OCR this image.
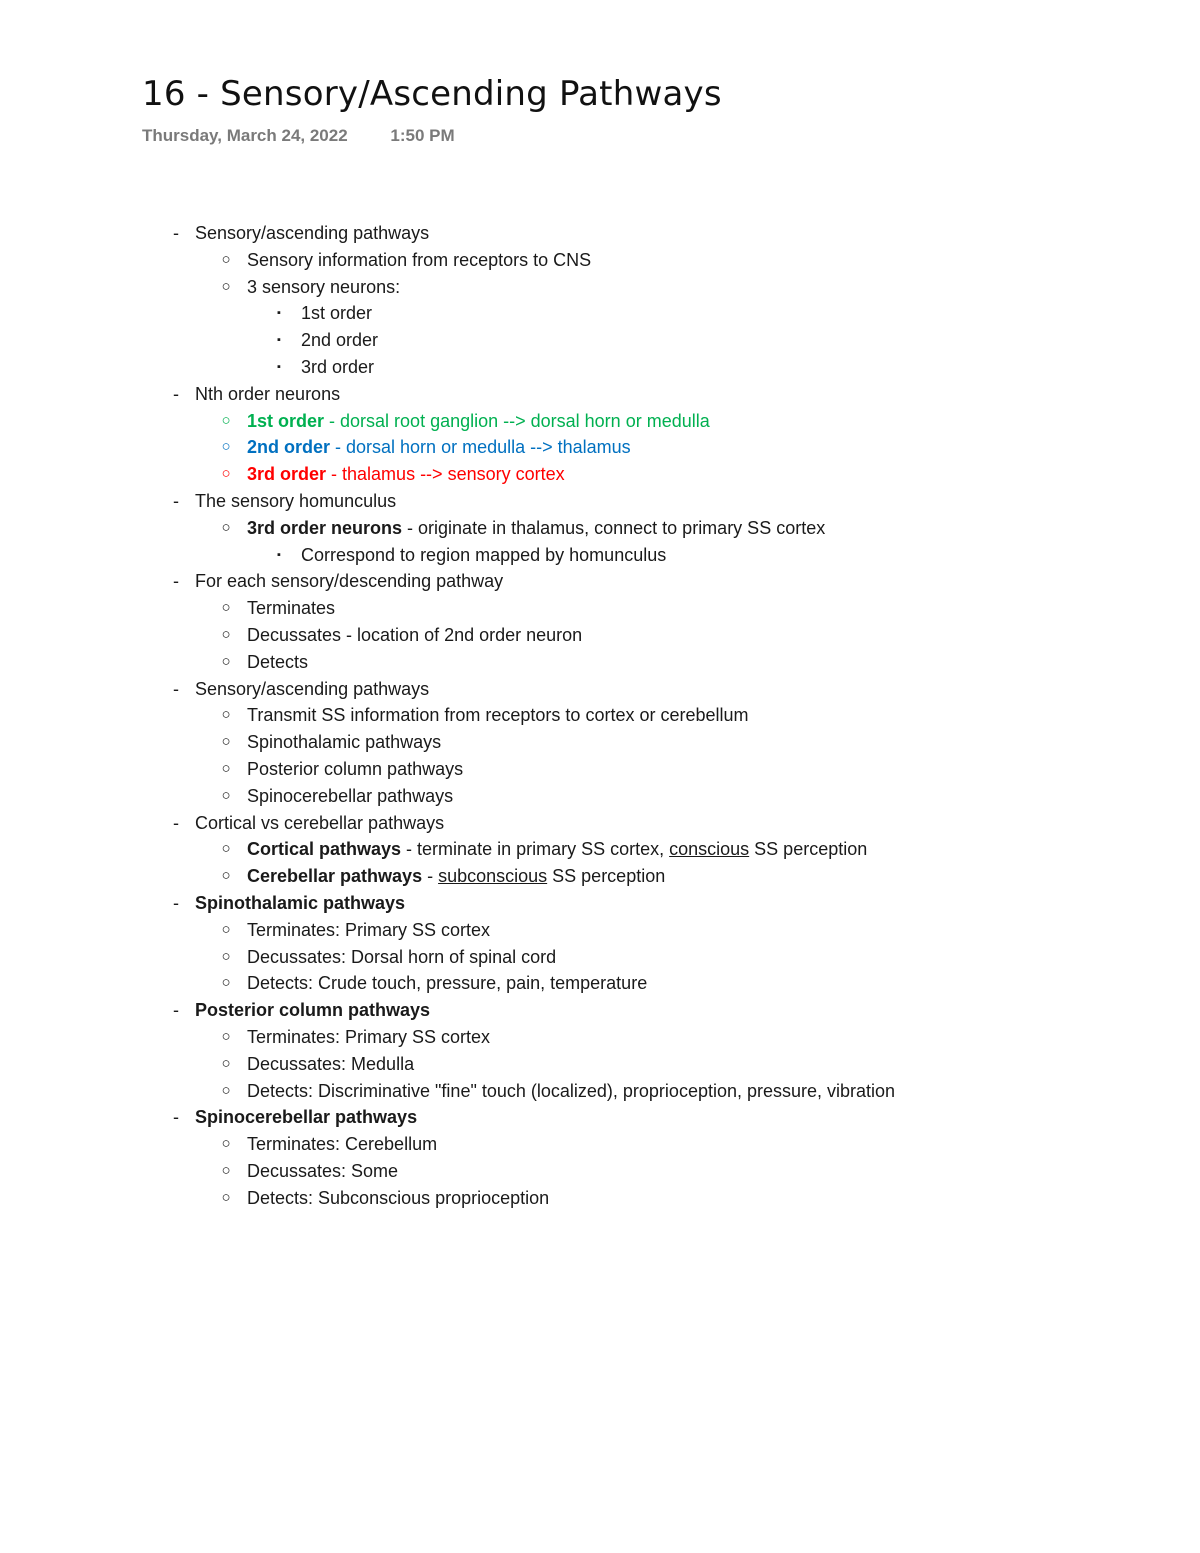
16 - Sensory/Ascending Pathways
Thursday, March 24, 2022	1:50 PM
- Sensory/ascending pathways
○ Sensory information from receptors to CNS
○ 3 sensory neurons:
▪	1st order
▪	2nd order
▪	3rd order
- Nth order neurons
○ 1st order - dorsal root ganglion --> dorsal horn or medulla
○ 2nd order - dorsal horn or medulla --> thalamus
○ 3rd order - thalamus --> sensory cortex
- The sensory homunculus
○ 3rd order neurons - originate in thalamus, connect to primary SS cortex
▪	Correspond to region mapped by homunculus
- For each sensory/descending pathway
○ Terminates
○ Decussates - location of 2nd order neuron
○ Detects
- Sensory/ascending pathways
○ Transmit SS information from receptors to cortex or cerebellum
○ Spinothalamic pathways
○ Posterior column pathways
○ Spinocerebellar pathways
- Cortical vs cerebellar pathways
○ Cortical pathways - terminate in primary SS cortex, conscious SS perception
○ Cerebellar pathways - subconscious SS perception
- Spinothalamic pathways
○ Terminates: Primary SS cortex
○ Decussates: Dorsal horn of spinal cord
○ Detects: Crude touch, pressure, pain, temperature
- Posterior column pathways
○ Terminates: Primary SS cortex
○ Decussates: Medulla
○ Detects: Discriminative "fine" touch (localized), proprioception, pressure, vibration
- Spinocerebellar pathways
○ Terminates: Cerebellum
○ Decussates: Some
○ Detects: Subconscious proprioception
